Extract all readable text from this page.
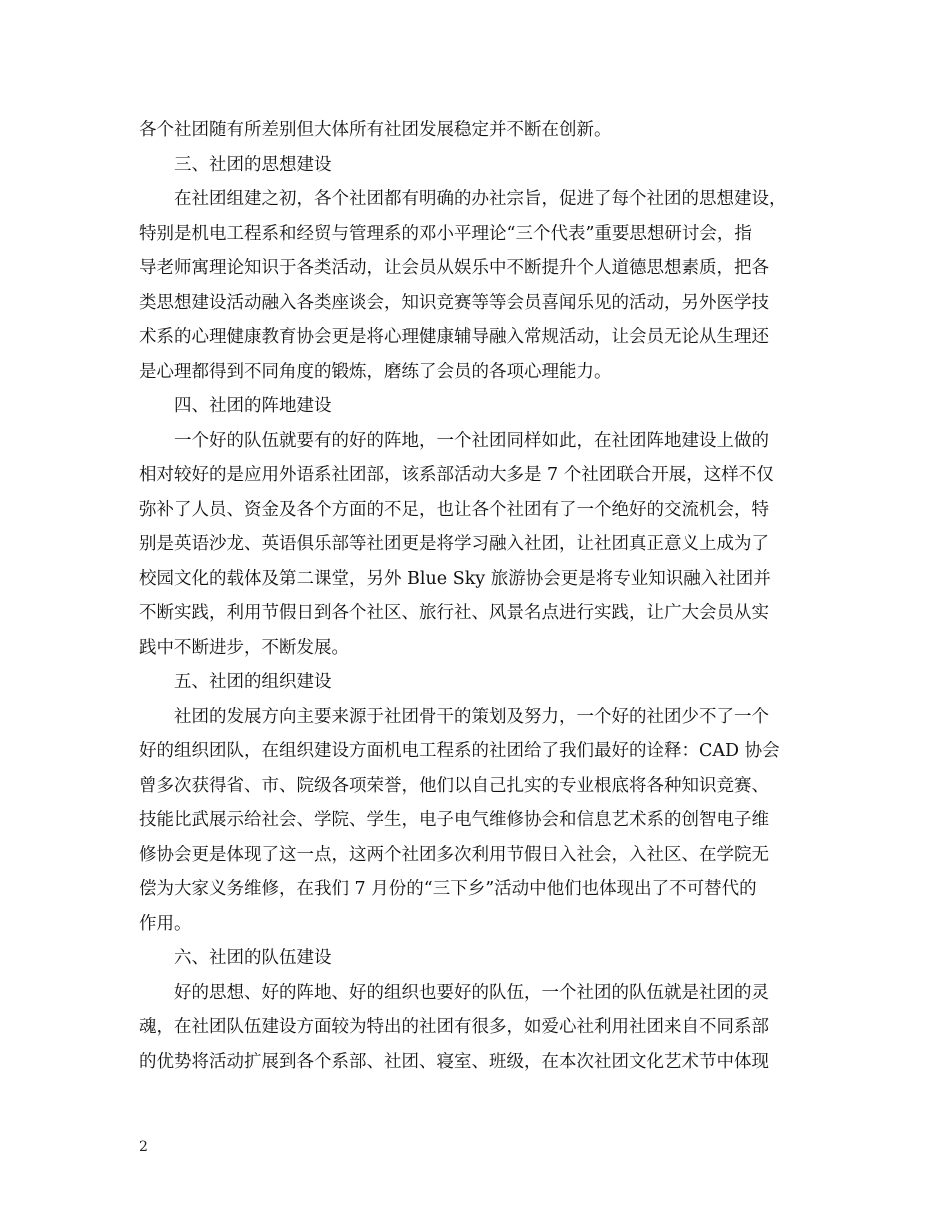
各个社团随有所差别但大体所有社团发展稳定并不断在创新。
三、社团的思想建设
在社团组建之初，各个社团都有明确的办社宗旨，促进了每个社团的思想建设，
特别是机电工程系和经贸与管理系的邓小平理论“三个代表”重要思想研讨会，指
导老师寓理论知识于各类活动，让会员从娱乐中不断提升个人道德思想素质，把各
类思想建设活动融入各类座谈会，知识竞赛等等会员喜闻乐见的活动，另外医学技
术系的心理健康教育协会更是将心理健康辅导融入常规活动，让会员无论从生理还
是心理都得到不同角度的锻炼，磨练了会员的各项心理能力。
四、社团的阵地建设
一个好的队伍就要有的好的阵地，一个社团同样如此，在社团阵地建设上做的
相对较好的是应用外语系社团部，该系部活动大多是 7 个社团联合开展，这样不仅
弥补了人员、资金及各个方面的不足，也让各个社团有了一个绝好的交流机会，特
别是英语沙龙、英语俱乐部等社团更是将学习融入社团，让社团真正意义上成为了
校园文化的载体及第二课堂，另外 Blue Sky 旅游协会更是将专业知识融入社团并
不断实践，利用节假日到各个社区、旅行社、风景名点进行实践，让广大会员从实
践中不断进步，不断发展。
五、社团的组织建设
社团的发展方向主要来源于社团骨干的策划及努力，一个好的社团少不了一个
好的组织团队，在组织建设方面机电工程系的社团给了我们最好的诠释：CAD 协会
曾多次获得省、市、院级各项荣誉，他们以自己扎实的专业根底将各种知识竞赛、
技能比武展示给社会、学院、学生，电子电气维修协会和信息艺术系的创智电子维
修协会更是体现了这一点，这两个社团多次利用节假日入社会，入社区、在学院无
偿为大家义务维修，在我们 7 月份的“三下乡”活动中他们也体现出了不可替代的
作用。
六、社团的队伍建设
好的思想、好的阵地、好的组织也要好的队伍，一个社团的队伍就是社团的灵
魂，在社团队伍建设方面较为特出的社团有很多，如爱心社利用社团来自不同系部
的优势将活动扩展到各个系部、社团、寝室、班级，在本次社团文化艺术节中体现
2
